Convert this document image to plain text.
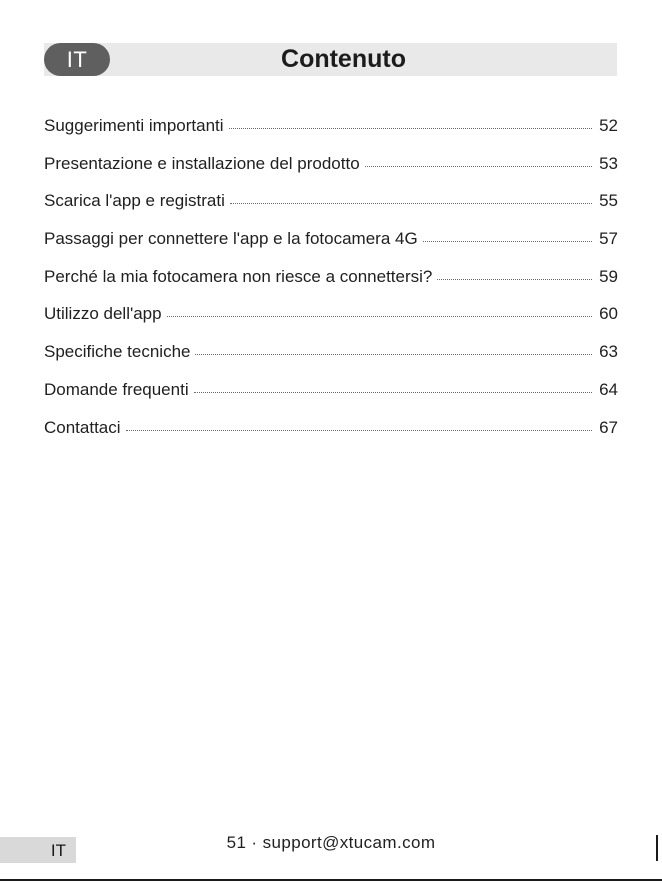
IT	Contenuto
Suggerimenti importanti	52
Presentazione e installazione del prodotto	53
Scarica l'app e registrati	55
Passaggi per connettere l'app e la fotocamera 4G	57
Perché la mia fotocamera non riesce a connettersi?	59
Utilizzo dell'app	60
Specifiche tecniche	63
Domande frequenti	64
Contattaci	67
IT	51 · support@xtucam.com
